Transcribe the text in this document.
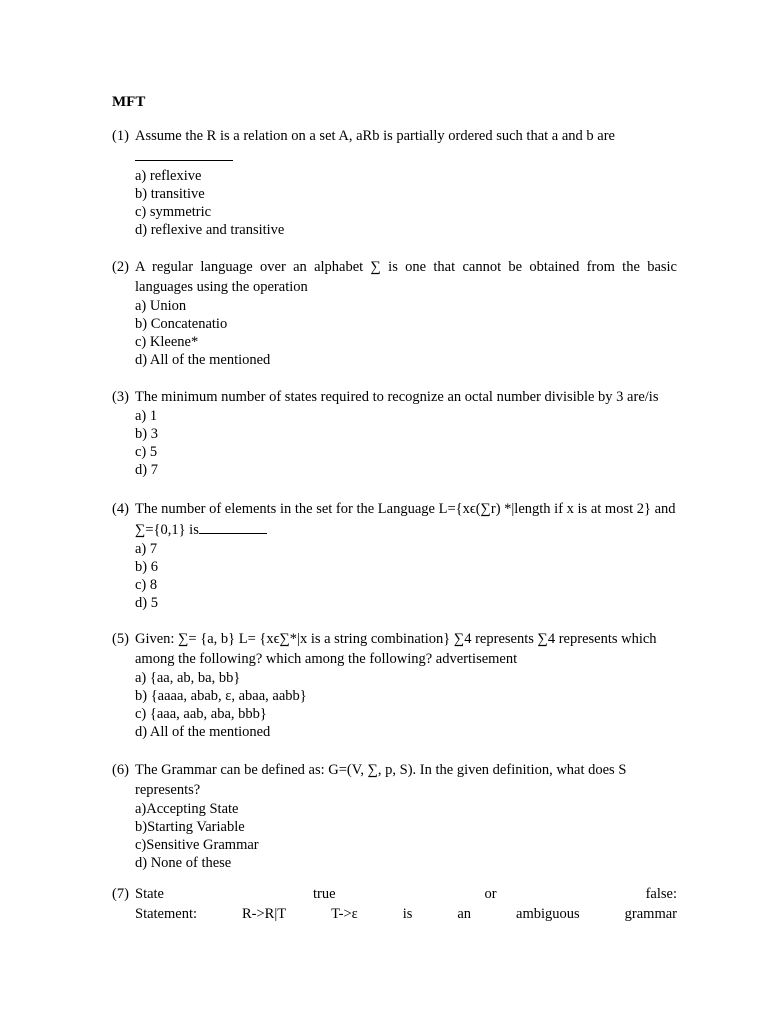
MFT
(1) Assume the R is a relation on a set A, aRb is partially ordered such that a and b are
a) reflexive
b) transitive
c) symmetric
d) reflexive and transitive
(2) A regular language over an alphabet ∑ is one that cannot be obtained from the basic languages using the operation
a) Union
b) Concatenatio
c) Kleene*
d) All of the mentioned
(3) The minimum number of states required to recognize an octal number divisible by 3 are/is
a) 1
b) 3
c) 5
d) 7
(4) The number of elements in the set for the Language L={xϵ(∑r) *|length if x is at most 2} and ∑={0,1} is
a) 7
b) 6
c) 8
d) 5
(5) Given: ∑= {a, b} L= {xϵ∑*|x is a string combination} ∑4 represents ∑4 represents which among the following? which among the following? advertisement
a) {aa, ab, ba, bb}
b) {aaaa, abab, ε, abaa, aabb}
c) {aaa, aab, aba, bbb}
d) All of the mentioned
(6) The Grammar can be defined as: G=(V, ∑, p, S). In the given definition, what does S represents?
a)Accepting State
b)Starting Variable
c)Sensitive Grammar
d) None of these
(7) State	true	or	false:
Statement:	R->R|T	T->ε	is	an	ambiguous	grammar
